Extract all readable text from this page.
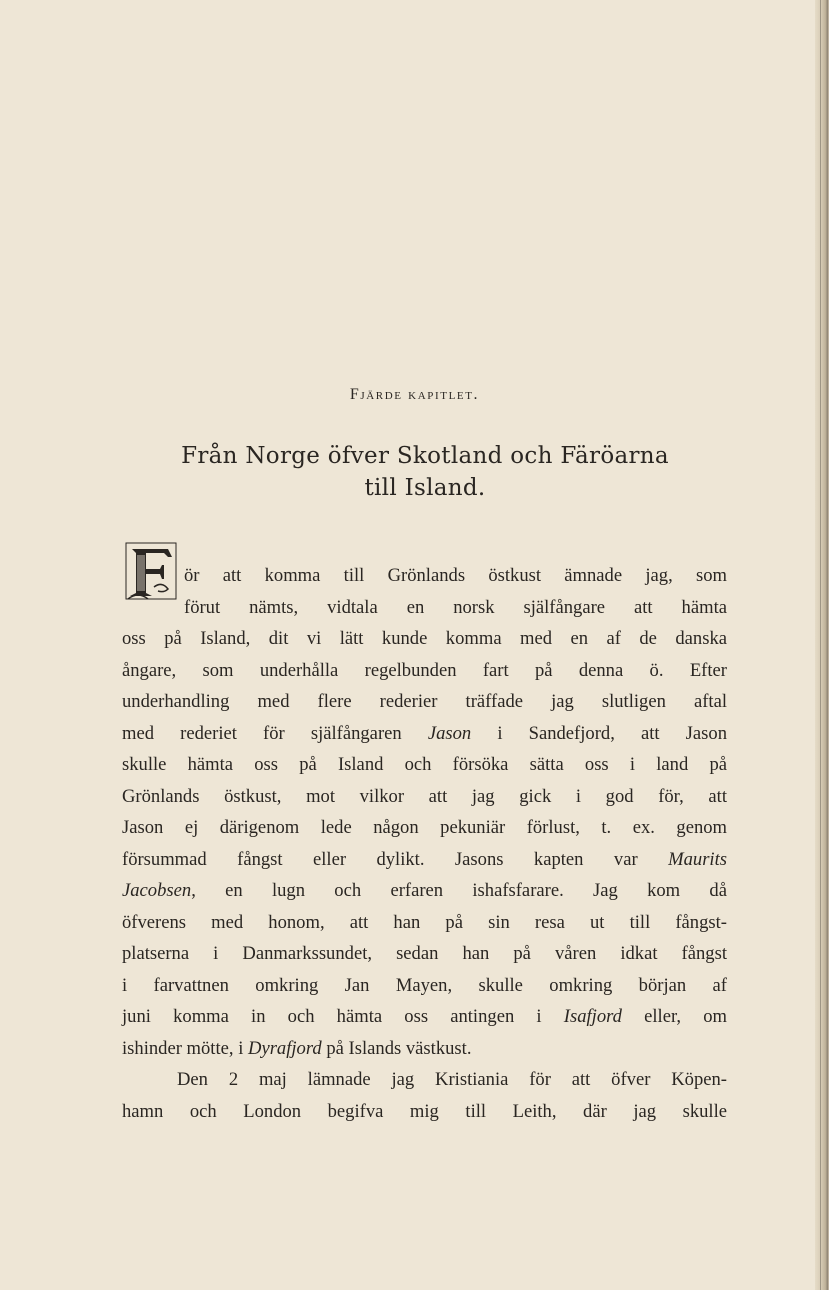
Fjärde kapitlet.
Från Norge öfver Skotland och Färöarna
till Island.
ör att komma till Grönlands östkust ämnade jag, som
förut nämts, vidtala en norsk själfångare att hämta
oss på Island, dit vi lätt kunde komma med en af de danska
ångare, som underhålla regelbunden fart på denna ö. Efter
underhandling med flere rederier träffade jag slutligen aftal
med rederiet för själfångaren Jason i Sandefjord, att Jason
skulle hämta oss på Island och försöka sätta oss i land på
Grönlands östkust, mot vilkor att jag gick i god för, att
Jason ej därigenom lede någon pekuniär förlust, t. ex. genom
försummad fångst eller dylikt. Jasons kapten var Maurits
Jacobsen, en lugn och erfaren ishafsfarare. Jag kom då
öfverens med honom, att han på sin resa ut till fångst-
platserna i Danmarkssundet, sedan han på våren idkat fångst
i farvattnen omkring Jan Mayen, skulle omkring början af
juni komma in och hämta oss antingen i Isafjord eller, om
ishinder mötte, i Dyrafjord på Islands västkust.
Den 2 maj lämnade jag Kristiania för att öfver Köpen-
hamn och London begifva mig till Leith, där jag skulle
